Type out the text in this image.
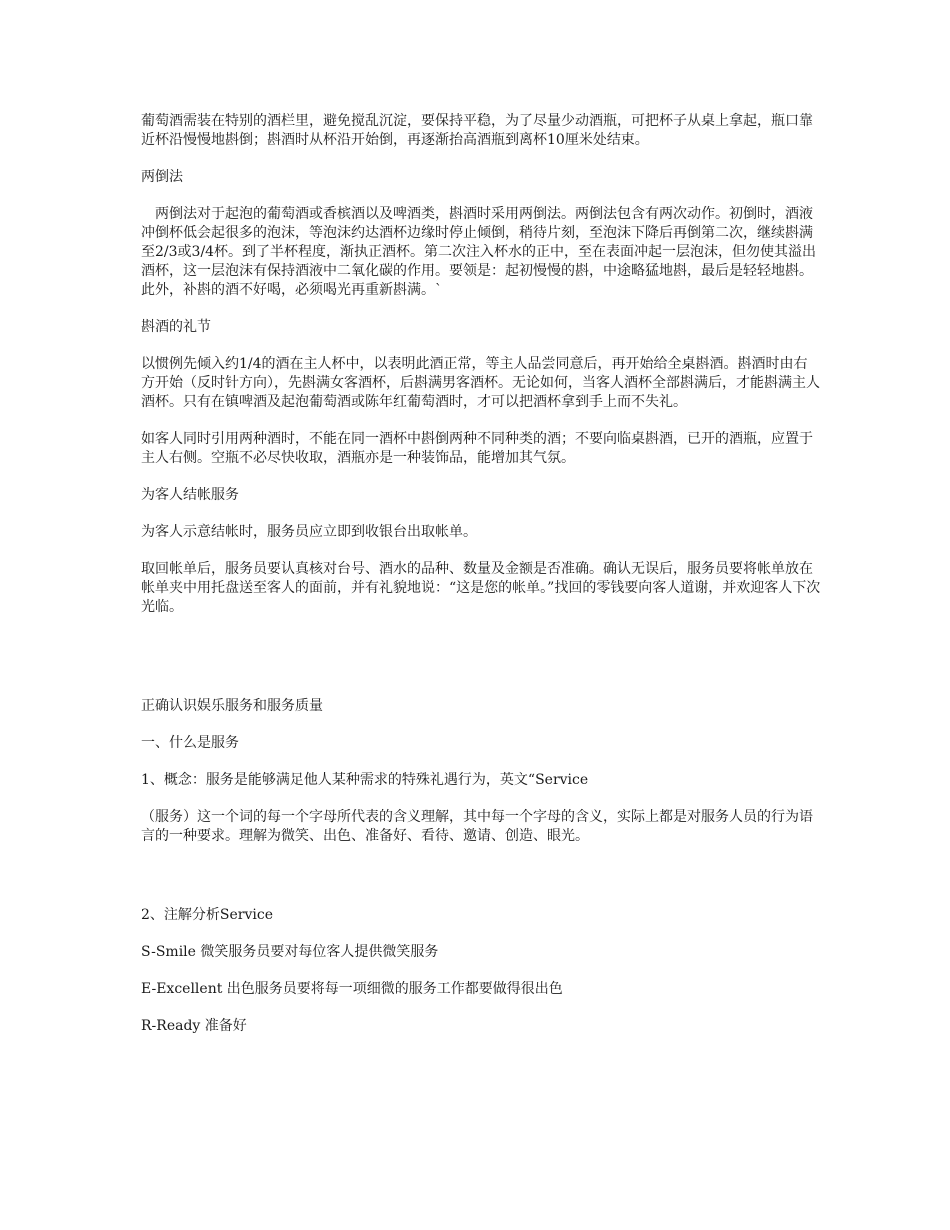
葡萄酒需装在特别的酒栏里，避免搅乱沉淀，要保持平稳，为了尽量少动酒瓶，可把杯子从桌上拿起，瓶口靠近杯沿慢慢地斟倒；斟酒时从杯沿开始倒，再逐渐抬高酒瓶到离杯10厘米处结束。

两倒法

两倒法对于起泡的葡萄酒或香槟酒以及啤酒类，斟酒时采用两倒法。两倒法包含有两次动作。初倒时，酒液冲倒杯低会起很多的泡沫，等泡沫约达酒杯边缘时停止倾倒，稍待片刻，至泡沫下降后再倒第二次，继续斟满至2/3或3/4杯。到了半杯程度，渐执正酒杯。第二次注入杯水的正中，至在表面冲起一层泡沫，但勿使其溢出酒杯，这一层泡沫有保持酒液中二氧化碳的作用。要领是：起初慢慢的斟，中途略猛地斟，最后是轻轻地斟。此外，补斟的酒不好喝，必须喝光再重新斟满。`

斟酒的礼节

以惯例先倾入约1/4的酒在主人杯中，以表明此酒正常，等主人品尝同意后，再开始给全桌斟酒。斟酒时由右方开始（反时针方向），先斟满女客酒杯，后斟满男客酒杯。无论如何，当客人酒杯全部斟满后，才能斟满主人酒杯。只有在镇啤酒及起泡葡萄酒或陈年红葡萄酒时，才可以把酒杯拿到手上而不失礼。

如客人同时引用两种酒时，不能在同一酒杯中斟倒两种不同种类的酒；不要向临桌斟酒，已开的酒瓶，应置于主人右侧。空瓶不必尽快收取，酒瓶亦是一种装饰品，能增加其气氛。

为客人结帐服务

为客人示意结帐时，服务员应立即到收银台出取帐单。

取回帐单后，服务员要认真核对台号、酒水的品种、数量及金额是否准确。确认无误后，服务员要将帐单放在帐单夹中用托盘送至客人的面前，并有礼貌地说：“这是您的帐单。”找回的零钱要向客人道谢，并欢迎客人下次光临。

正确认识娱乐服务和服务质量

一、什么是服务

1、概念：服务是能够满足他人某种需求的特殊礼遇行为，英文“Service

（服务）这一个词的每一个字母所代表的含义理解，其中每一个字母的含义，实际上都是对服务人员的行为语言的一种要求。理解为微笑、出色、准备好、看待、邀请、创造、眼光。

2、注解分析Service

S-Smile 微笑服务员要对每位客人提供微笑服务

E-Excellent 出色服务员要将每一项细微的服务工作都要做得很出色

R-Ready 准备好
